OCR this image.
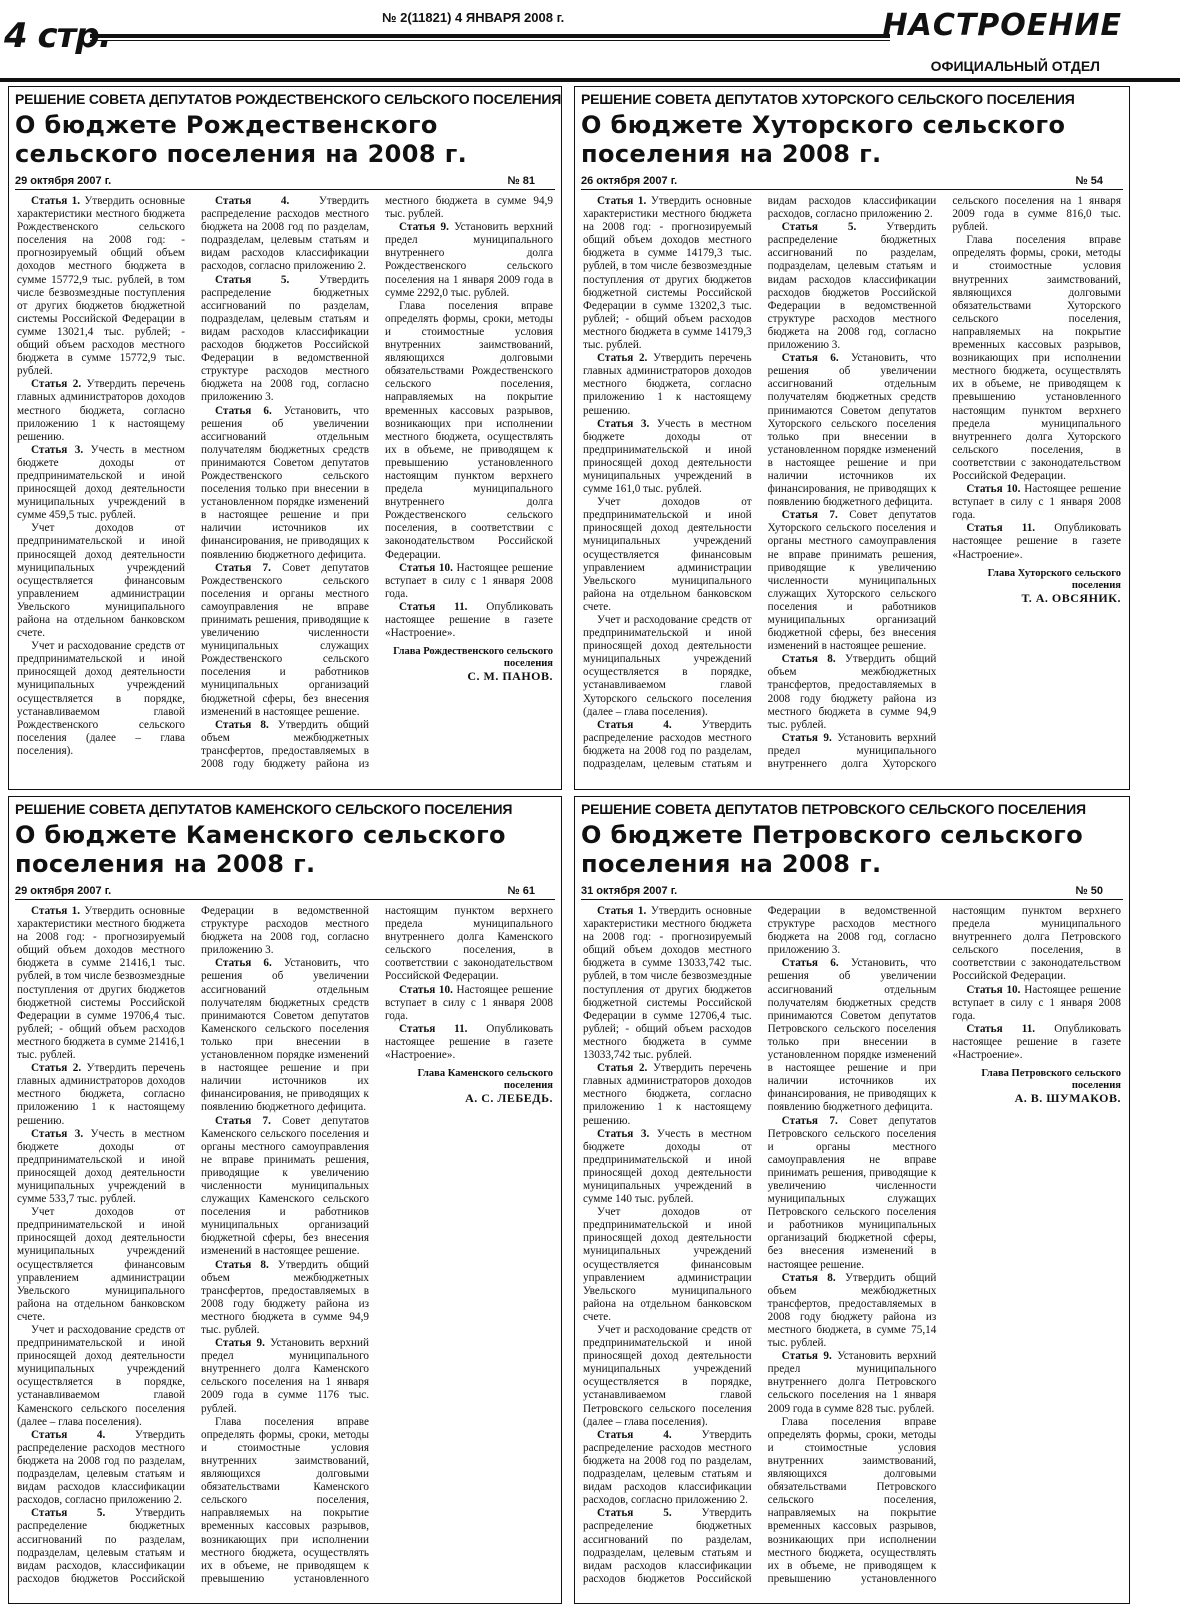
4 стр.	№ 2(11821) 4 ЯНВАРЯ 2008 г.	НАСТРОЕНИЕ
ОФИЦИАЛЬНЫЙ ОТДЕЛ
РЕШЕНИЕ СОВЕТА ДЕПУТАТОВ РОЖДЕСТВЕНСКОГО СЕЛЬСКОГО ПОСЕЛЕНИЯ
О бюджете Рождественского сельского поселения на 2008 г.
29 октября 2007 г.	№ 81

Статья 1. Утвердить основные характеристики местного бюджета Рождественского сельского поселения на 2008 год: - прогнозируемый общий объем доходов местного бюджета в сумме 15772,9 тыс. рублей, в том числе безвозмездные поступления от других бюджетов бюджетной системы Российской Федерации в сумме 13021,4 тыс. рублей; - общий объем расходов местного бюджета в сумме 15772,9 тыс. рублей.

Статья 2. Утвердить перечень главных администраторов доходов местного бюджета, согласно приложению 1 к настоящему решению.

Статья 3. Учесть в местном бюджете доходы от предпринимательской и иной приносящей доход деятельности муниципальных учреждений в сумме 459,5 тыс. рублей.

Учет доходов от предпринимательской и иной приносящей доход деятельности муниципальных учреждений осуществляется финансовым управлением администрации Увельского муниципального района на отдельном банковском счете.

Учет и расходование средств от предпринимательской и иной приносящей доход деятельности муниципальных учреждений осуществляется в порядке, устанавливаемом главой Рождественского сельского поселения (далее – глава поселения).

Статья 4. Утвердить распределение расходов местного бюджета на 2008 год по разделам, подразделам, целевым статьям и видам расходов классификации расходов, согласно приложению 2.

Статья 5. Утвердить распределение бюджетных ассигнований по разделам, подразделам, целевым статьям и видам расходов классификации расходов бюджетов Российской Федерации в ведомственной структуре расходов местного бюджета на 2008 год, согласно приложению 3.

Статья 6. Установить, что решения об увеличении ассигнований отдельным получателям бюджетных средств принимаются Советом депутатов Рождественского сельского поселения только при внесении в установленном порядке изменений в настоящее решение и при наличии источников их финансирования, не приводящих к появлению бюджетного дефицита.

Статья 7. Совет депутатов Рождественского сельского поселения и органы местного самоуправления не вправе принимать решения, приводящие к увеличению численности муниципальных служащих Рождественского сельского поселения и работников муниципальных организаций бюджетной сферы, без внесения изменений в настоящее решение.

Статья 8. Утвердить общий объем межбюджетных трансфертов, предоставляемых в 2008 году бюджету района из местного бюджета в сумме 94,9 тыс. рублей.

Статья 9. Установить верхний предел муниципального внутреннего долга Рождественского сельского поселения на 1 января 2009 года в сумме 2292,0 тыс. рублей.

Глава поселения вправе определять формы, сроки, методы и стоимостные условия внутренних заимствований, являющихся долговыми обязательствами Рождественского сельского поселения, направляемых на покрытие временных кассовых разрывов, возникающих при исполнении местного бюджета, осуществлять их в объеме, не приводящем к превышению установленного настоящим пунктом верхнего предела муниципального внутреннего долга Рождественского сельского поселения, в соответствии с законодательством Российской Федерации.

Статья 10. Настоящее решение вступает в силу с 1 января 2008 года.

Статья 11. Опубликовать настоящее решение в газете «Настроение».

Глава Рождественского сельского поселения
С. М. ПАНОВ.
РЕШЕНИЕ СОВЕТА ДЕПУТАТОВ ХУТОРСКОГО СЕЛЬСКОГО ПОСЕЛЕНИЯ
О бюджете Хуторского сельского поселения на 2008 г.
26 октября 2007 г.	№ 54

Статья 1. Утвердить основные характеристики местного бюджета на 2008 год: - прогнозируемый общий объем доходов местного бюджета в сумме 14179,3 тыс. рублей, в том числе безвозмездные поступления от других бюджетов бюджетной системы Российской Федерации в сумме 13202,3 тыс. рублей; - общий объем расходов местного бюджета в сумме 14179,3 тыс. рублей.

Статья 2. Утвердить перечень главных администраторов доходов местного бюджета, согласно приложению 1 к настоящему решению.

Статья 3. Учесть в местном бюджете доходы от предпринимательской и иной приносящей доход деятельности муниципальных учреждений в сумме 161,0 тыс. рублей.

Учет доходов от предпринимательской и иной приносящей доход деятельности муниципальных учреждений осуществляется финансовым управлением администрации Увельского муниципального района на отдельном банковском счете.

Учет и расходование средств от предпринимательской и иной приносящей доход деятельности муниципальных учреждений осуществляется в порядке, устанавливаемом главой Хуторского сельского поселения (далее – глава поселения).

Статья 4. Утвердить распределение расходов местного бюджета на 2008 год по разделам, подразделам, целевым статьям и видам расходов классификации расходов, согласно приложению 2.

Статья 5. Утвердить распределение бюджетных ассигнований по разделам, подразделам, целевым статьям и видам расходов классификации расходов бюджетов Российской Федерации в ведомственной структуре расходов местного бюджета на 2008 год, согласно приложению 3.

Статья 6. Установить, что решения об увеличении ассигнований отдельным получателям бюджетных средств принимаются Советом депутатов Хуторского сельского поселения только при внесении в установленном порядке изменений в настоящее решение и при наличии источников их финансирования, не приводящих к появлению бюджетного дефицита.

Статья 7. Совет депутатов Хуторского сельского поселения и органы местного самоуправления не вправе принимать решения, приводящие к увеличению численности муниципальных служащих Хуторского сельского поселения и работников муниципальных организаций бюджетной сферы, без внесения изменений в настоящее решение.

Статья 8. Утвердить общий объем межбюджетных трансфертов, предоставляемых в 2008 году бюджету района из местного бюджета в сумме 94,9 тыс. рублей.

Статья 9. Установить верхний предел муниципального внутреннего долга Хуторского сельского поселения на 1 января 2009 года в сумме 816,0 тыс. рублей.

Глава поселения вправе определять формы, сроки, методы и стоимостные условия внутренних заимствований, являющихся долговыми обязательствами Хуторского сельского поселения, направляемых на покрытие временных кассовых разрывов, возникающих при исполнении местного бюджета, осуществлять их в объеме, не приводящем к превышению установленного настоящим пунктом верхнего предела муниципального внутреннего долга Хуторского сельского поселения, в соответствии с законодательством Российской Федерации.

Статья 10. Настоящее решение вступает в силу с 1 января 2008 года.

Статья 11. Опубликовать настоящее решение в газете «Настроение».

Глава Хуторского сельского поселения
Т. А. ОВСЯНИК.
РЕШЕНИЕ СОВЕТА ДЕПУТАТОВ КАМЕНСКОГО СЕЛЬСКОГО ПОСЕЛЕНИЯ
О бюджете Каменского сельского поселения на 2008 г.
29 октября 2007 г.	№ 61

Статья 1. Утвердить основные характеристики местного бюджета на 2008 год: - прогнозируемый общий объем доходов местного бюджета в сумме 21416,1 тыс. рублей, в том числе безвозмездные поступления от других бюджетов бюджетной системы Российской Федерации в сумме 19706,4 тыс. рублей; - общий объем расходов местного бюджета в сумме 21416,1 тыс. рублей.

Статья 2. Утвердить перечень главных администраторов доходов местного бюджета, согласно приложению 1 к настоящему решению.

Статья 3. Учесть в местном бюджете доходы от предпринимательской и иной приносящей доход деятельности муниципальных учреждений в сумме 533,7 тыс. рублей.

Учет доходов от предпринимательской и иной приносящей доход деятельности муниципальных учреждений осуществляется финансовым управлением администрации Увельского муниципального района на отдельном банковском счете.

Учет и расходование средств от предпринимательской и иной приносящей доход деятельности муниципальных учреждений осуществляется в порядке, устанавливаемом главой Каменского сельского поселения (далее – глава поселения).

Статья 4. Утвердить распределение расходов местного бюджета на 2008 год по разделам, подразделам, целевым статьям и видам расходов классификации расходов, согласно приложению 2.

Статья 5. Утвердить распределение бюджетных ассигнований по разделам, подразделам, целевым статьям и видам расходов, классификации расходов бюджетов Российской Федерации в ведомственной структуре расходов местного бюджета на 2008 год, согласно приложению 3.

Статья 6. Установить, что решения об увеличении ассигнований отдельным получателям бюджетных средств принимаются Советом депутатов Каменского сельского поселения только при внесении в установленном порядке изменений в настоящее решение и при наличии источников их финансирования, не приводящих к появлению бюджетного дефицита.

Статья 7. Совет депутатов Каменского сельского поселения и органы местного самоуправления не вправе принимать решения, приводящие к увеличению численности муниципальных служащих Каменского сельского поселения и работников муниципальных организаций бюджетной сферы, без внесения изменений в настоящее решение.

Статья 8. Утвердить общий объем межбюджетных трансфертов, предоставляемых в 2008 году бюджету района из местного бюджета в сумме 94,9 тыс. рублей.

Статья 9. Установить верхний предел муниципального внутреннего долга Каменского сельского поселения на 1 января 2009 года в сумме 1176 тыс. рублей.

Глава поселения вправе определять формы, сроки, методы и стоимостные условия внутренних заимствований, являющихся долговыми обязательствами Каменского сельского поселения, направляемых на покрытие временных кассовых разрывов, возникающих при исполнении местного бюджета, осуществлять их в объеме, не приводящем к превышению установленного настоящим пунктом верхнего предела муниципального внутреннего долга Каменского сельского поселения, в соответствии с законодательством Российской Федерации.

Статья 10. Настоящее решение вступает в силу с 1 января 2008 года.

Статья 11. Опубликовать настоящее решение в газете «Настроение».

Глава Каменского сельского поселения
А. С. ЛЕБЕДЬ.
РЕШЕНИЕ СОВЕТА ДЕПУТАТОВ ПЕТРОВСКОГО СЕЛЬСКОГО ПОСЕЛЕНИЯ
О бюджете Петровского сельского поселения на 2008 г.
31 октября 2007 г.	№ 50

Статья 1. Утвердить основные характеристики местного бюджета на 2008 год: - прогнозируемый общий объем доходов местного бюджета в сумме 13033,742 тыс. рублей, в том числе безвозмездные поступления от других бюджетов бюджетной системы Российской Федерации в сумме 12706,4 тыс. рублей; - общий объем расходов местного бюджета в сумме 13033,742 тыс. рублей.

Статья 2. Утвердить перечень главных администраторов доходов местного бюджета, согласно приложению 1 к настоящему решению.

Статья 3. Учесть в местном бюджете доходы от предпринимательской и иной приносящей доход деятельности муниципальных учреждений в сумме 140 тыс. рублей.

Учет доходов от предпринимательской и иной приносящей доход деятельности муниципальных учреждений осуществляется финансовым управлением администрации Увельского муниципального района на отдельном банковском счете.

Учет и расходование средств от предпринимательской и иной приносящей доход деятельности муниципальных учреждений осуществляется в порядке, устанавливаемом главой Петровского сельского поселения (далее – глава поселения).

Статья 4. Утвердить распределение расходов местного бюджета на 2008 год по разделам, подразделам, целевым статьям и видам расходов классификации расходов, согласно приложению 2.

Статья 5. Утвердить распределение бюджетных ассигнований по разделам, подразделам, целевым статьям и видам расходов классификации расходов бюджетов Российской Федерации в ведомственной структуре расходов местного бюджета на 2008 год, согласно приложению 3.

Статья 6. Установить, что решения об увеличении ассигнований отдельным получателям бюджетных средств принимаются Советом депутатов Петровского сельского поселения только при внесении в установленном порядке изменений в настоящее решение и при наличии источников их финансирования, не приводящих к появлению бюджетного дефицита.

Статья 7. Совет депутатов Петровского сельского поселения и органы местного самоуправления не вправе принимать решения, приводящие к увеличению численности муниципальных служащих Петровского сельского поселения и работников муниципальных организаций бюджетной сферы, без внесения изменений в настоящее решение.

Статья 8. Утвердить общий объем межбюджетных трансфертов, предоставляемых в 2008 году бюджету района из местного бюджета, в сумме 75,14 тыс. рублей.

Статья 9. Установить верхний предел муниципального внутреннего долга Петровского сельского поселения на 1 января 2009 года в сумме 828 тыс. рублей.

Глава поселения вправе определять формы, сроки, методы и стоимостные условия внутренних заимствований, являющихся долговыми обязательствами Петровского сельского поселения, направляемых на покрытие временных кассовых разрывов, возникающих при исполнении местного бюджета, осуществлять их в объеме, не приводящем к превышению установленного настоящим пунктом верхнего предела муниципального внутреннего долга Петровского сельского поселения, в соответствии с законодательством Российской Федерации.

Статья 10. Настоящее решение вступает в силу с 1 января 2008 года.

Статья 11. Опубликовать настоящее решение в газете «Настроение».

Глава Петровского сельского поселения
А. В. ШУМАКОВ.
